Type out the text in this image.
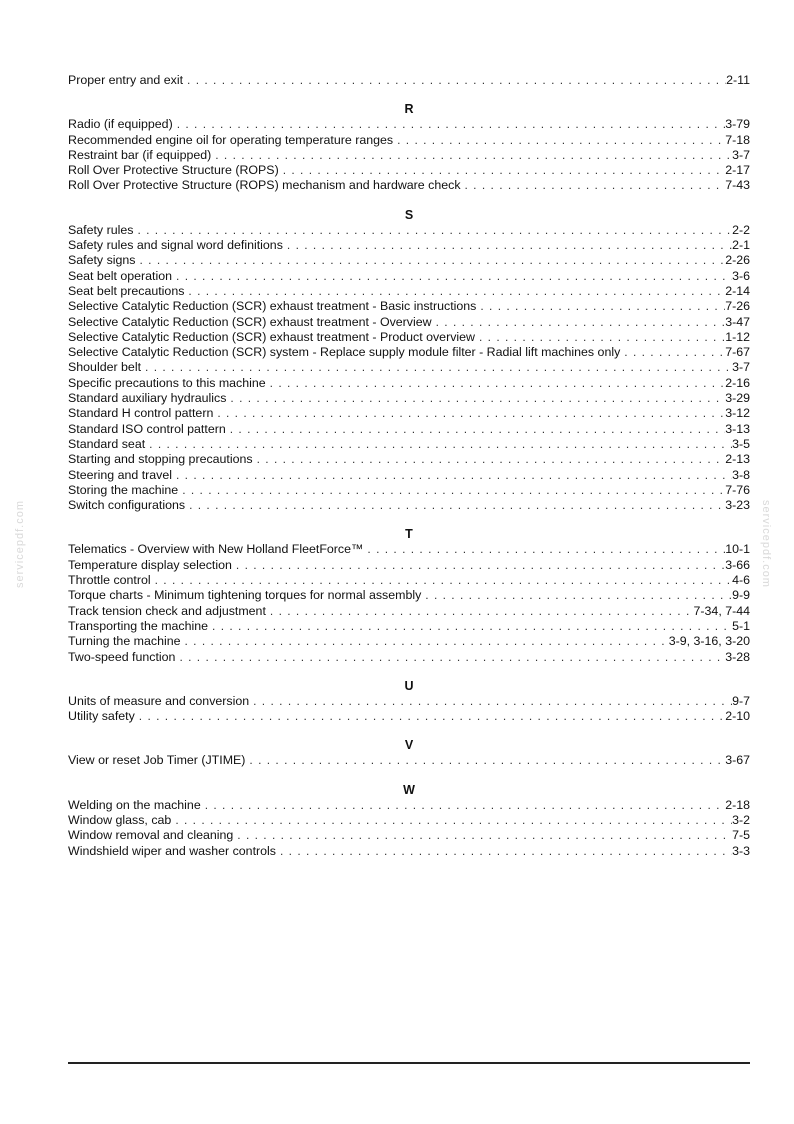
Proper entry and exit . . .	2-11
R
Radio (if equipped) . . .	3-79
Recommended engine oil for operating temperature ranges . . .	7-18
Restraint bar (if equipped) . . .	3-7
Roll Over Protective Structure (ROPS) . . .	2-17
Roll Over Protective Structure (ROPS) mechanism and hardware check . . .	7-43
S
Safety rules . . .	2-2
Safety rules and signal word definitions . . .	2-1
Safety signs . . .	2-26
Seat belt operation . . .	3-6
Seat belt precautions . . .	2-14
Selective Catalytic Reduction (SCR) exhaust treatment - Basic instructions . . .	7-26
Selective Catalytic Reduction (SCR) exhaust treatment - Overview . . .	3-47
Selective Catalytic Reduction (SCR) exhaust treatment - Product overview . . .	1-12
Selective Catalytic Reduction (SCR) system - Replace supply module filter - Radial lift machines only . . .	7-67
Shoulder belt . . .	3-7
Specific precautions to this machine . . .	2-16
Standard auxiliary hydraulics . . .	3-29
Standard H control pattern . . .	3-12
Standard ISO control pattern . . .	3-13
Standard seat . . .	3-5
Starting and stopping precautions . . .	2-13
Steering and travel . . .	3-8
Storing the machine . . .	7-76
Switch configurations . . .	3-23
T
Telematics - Overview with New Holland FleetForce™ . . .	10-1
Temperature display selection . . .	3-66
Throttle control . . .	4-6
Torque charts - Minimum tightening torques for normal assembly . . .	9-9
Track tension check and adjustment . . .	7-34, 7-44
Transporting the machine . . .	5-1
Turning the machine . . .	3-9, 3-16, 3-20
Two-speed function . . .	3-28
U
Units of measure and conversion . . .	9-7
Utility safety . . .	2-10
V
View or reset Job Timer (JTIME) . . .	3-67
W
Welding on the machine . . .	2-18
Window glass, cab . . .	3-2
Window removal and cleaning . . .	7-5
Windshield wiper and washer controls . . .	3-3
servicepdf.com	servicepdf.com
